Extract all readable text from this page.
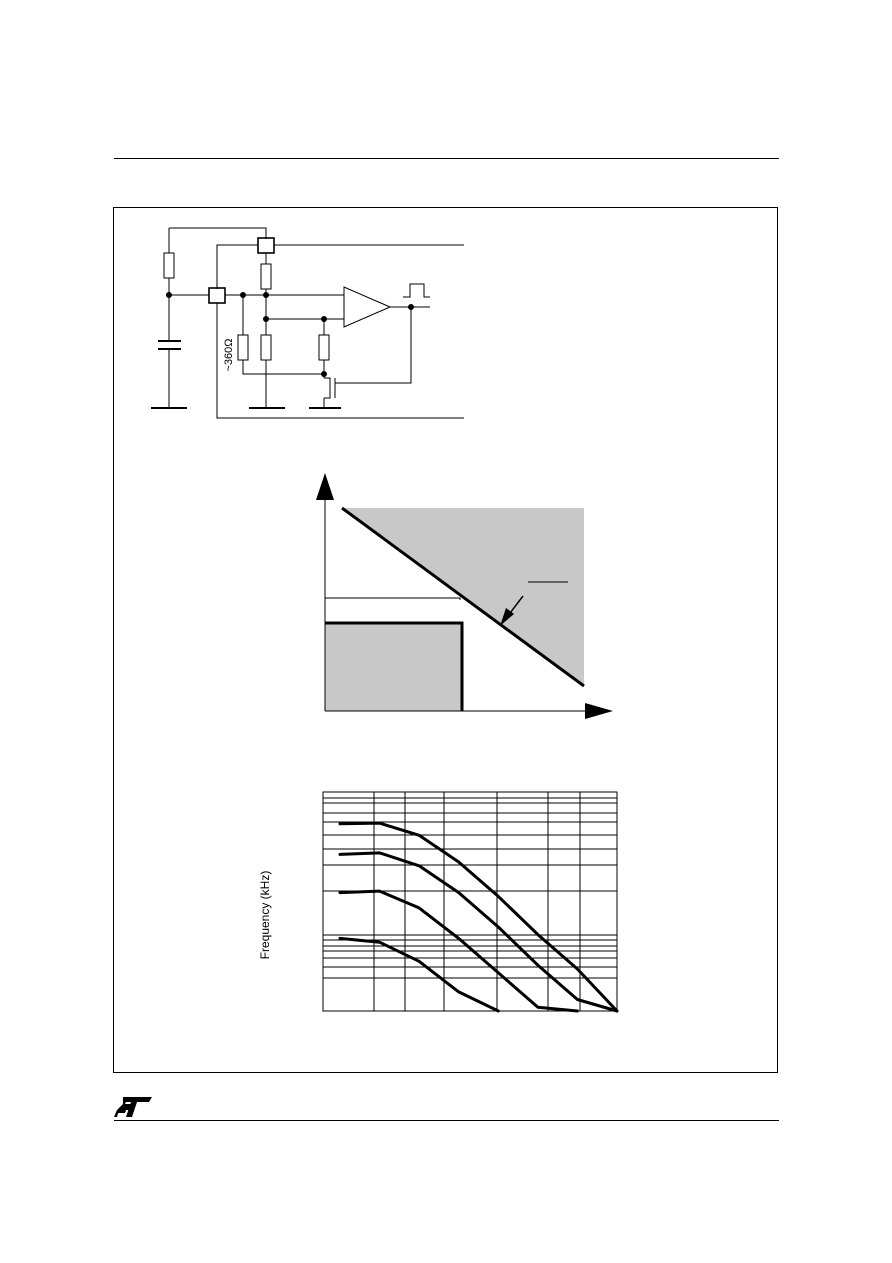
~360Ω
Frequency (kHz)
